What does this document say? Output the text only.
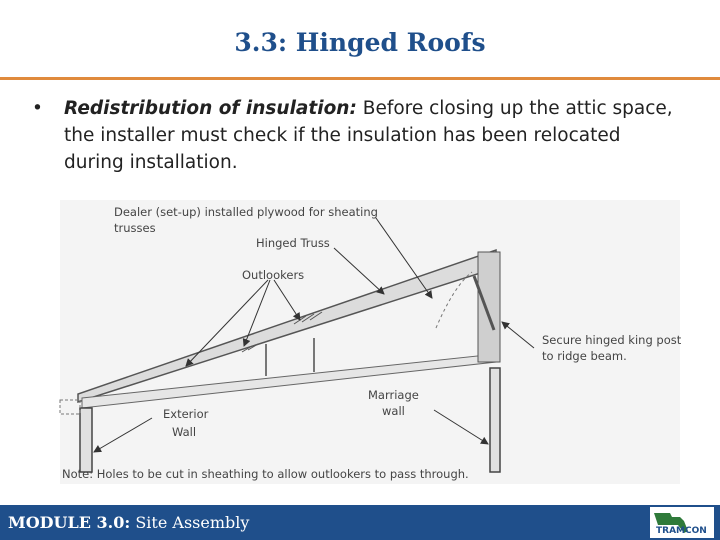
3.3: Hinged Roofs
• Redistribution of insulation: Before closing up the attic space, the installer must check if the insulation has been relocated during installation.
Dealer (set-up) installed plywood for sheating
trusses
Hinged Truss
Outlookers
Secure hinged king post
to ridge beam.
Marriage
wall
Exterior
Wall
Note: Holes to be cut in sheathing to allow outlookers to pass through.
MODULE 3.0: Site Assembly	TRAMCON
